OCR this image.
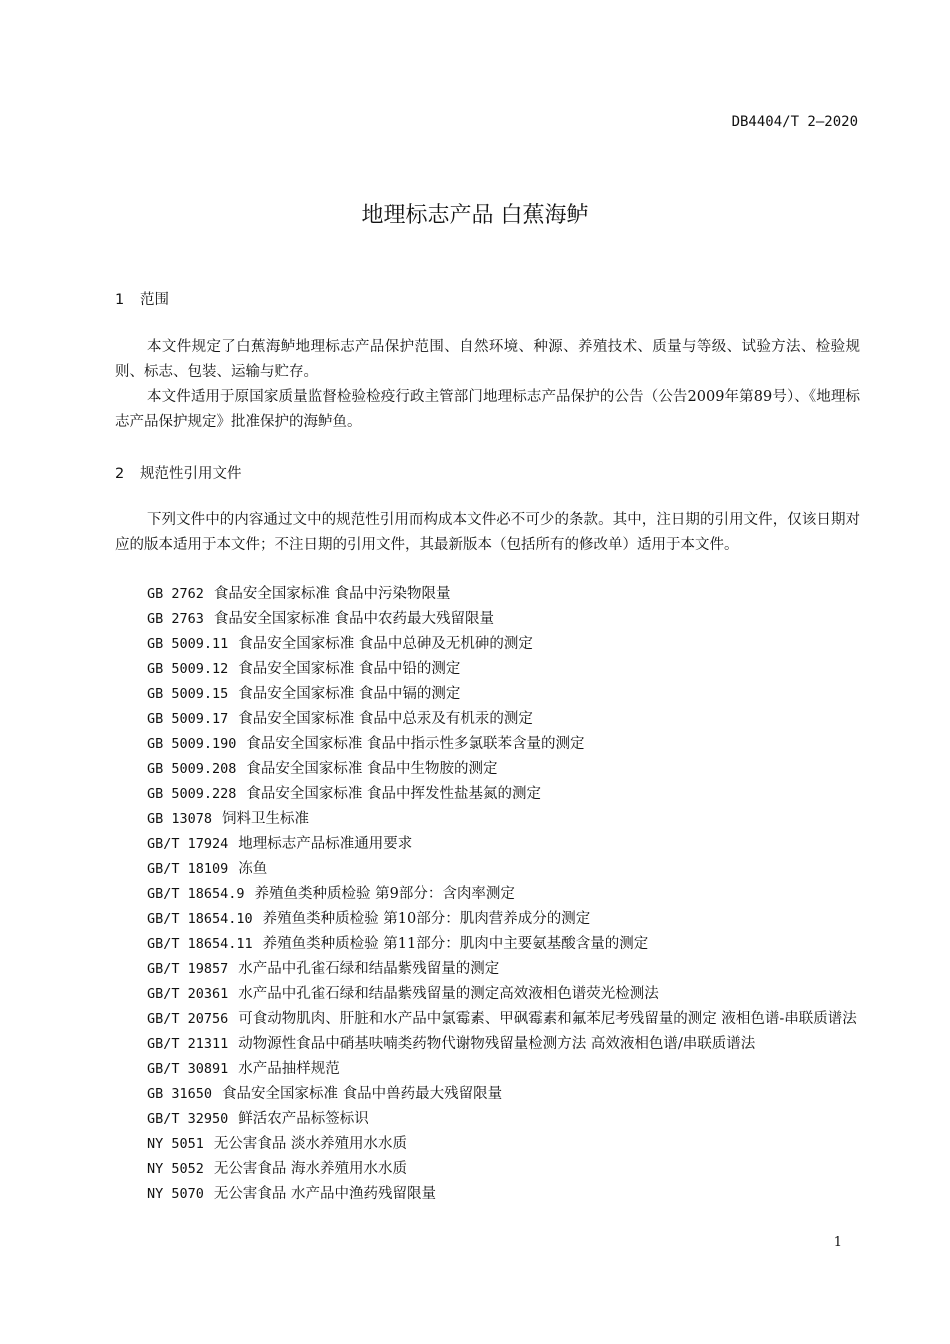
DB4404/T 2—2020
地理标志产品 白蕉海鲈
1 范围

本文件规定了白蕉海鲈地理标志产品保护范围、自然环境、种源、养殖技术、质量与等级、试验方法、检验规则、标志、包装、运输与贮存。

本文件适用于原国家质量监督检验检疫行政主管部门地理标志产品保护的公告（公告2009年第89号）、《地理标志产品保护规定》批准保护的海鲈鱼。

2 规范性引用文件

下列文件中的内容通过文中的规范性引用而构成本文件必不可少的条款。其中，注日期的引用文件，仅该日期对应的版本适用于本文件；不注日期的引用文件，其最新版本（包括所有的修改单）适用于本文件。

GB 2762 食品安全国家标准 食品中污染物限量
GB 2763 食品安全国家标准 食品中农药最大残留限量
GB 5009.11 食品安全国家标准 食品中总砷及无机砷的测定
GB 5009.12 食品安全国家标准 食品中铅的测定
GB 5009.15 食品安全国家标准 食品中镉的测定
GB 5009.17 食品安全国家标准 食品中总汞及有机汞的测定
GB 5009.190 食品安全国家标准 食品中指示性多氯联苯含量的测定
GB 5009.208 食品安全国家标准 食品中生物胺的测定
GB 5009.228 食品安全国家标准 食品中挥发性盐基氮的测定
GB 13078 饲料卫生标准
GB/T 17924 地理标志产品标准通用要求
GB/T 18109 冻鱼
GB/T 18654.9 养殖鱼类种质检验 第9部分：含肉率测定
GB/T 18654.10 养殖鱼类种质检验 第10部分：肌肉营养成分的测定
GB/T 18654.11 养殖鱼类种质检验 第11部分：肌肉中主要氨基酸含量的测定
GB/T 19857 水产品中孔雀石绿和结晶紫残留量的测定
GB/T 20361 水产品中孔雀石绿和结晶紫残留量的测定高效液相色谱荧光检测法
GB/T 20756 可食动物肌肉、肝脏和水产品中氯霉素、甲砜霉素和氟苯尼考残留量的测定 液相色谱-串联质谱法
GB/T 21311 动物源性食品中硝基呋喃类药物代谢物残留量检测方法 高效液相色谱/串联质谱法
GB/T 30891 水产品抽样规范
GB 31650 食品安全国家标准 食品中兽药最大残留限量
GB/T 32950 鲜活农产品标签标识
NY 5051 无公害食品 淡水养殖用水水质
NY 5052 无公害食品 海水养殖用水水质
NY 5070 无公害食品 水产品中渔药残留限量
1
